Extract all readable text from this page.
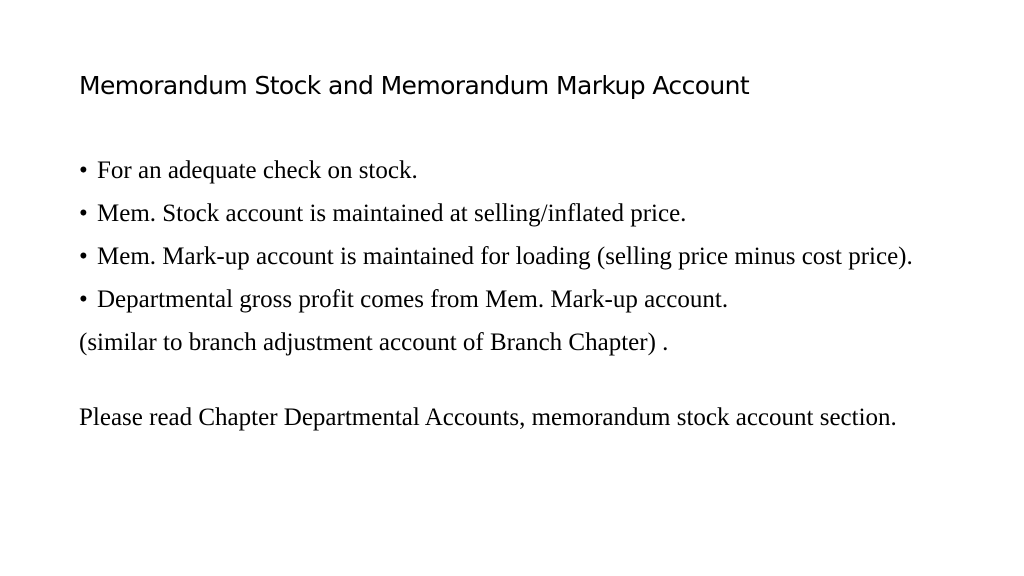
Memorandum Stock and Memorandum Markup Account
• For an adequate check on stock.
• Mem. Stock account is maintained at selling/inflated price.
• Mem. Mark-up account is maintained for loading (selling price minus cost price).
• Departmental gross profit comes from Mem. Mark-up account.

(similar to branch adjustment account of Branch Chapter) .

Please read Chapter Departmental Accounts, memorandum stock account section.
